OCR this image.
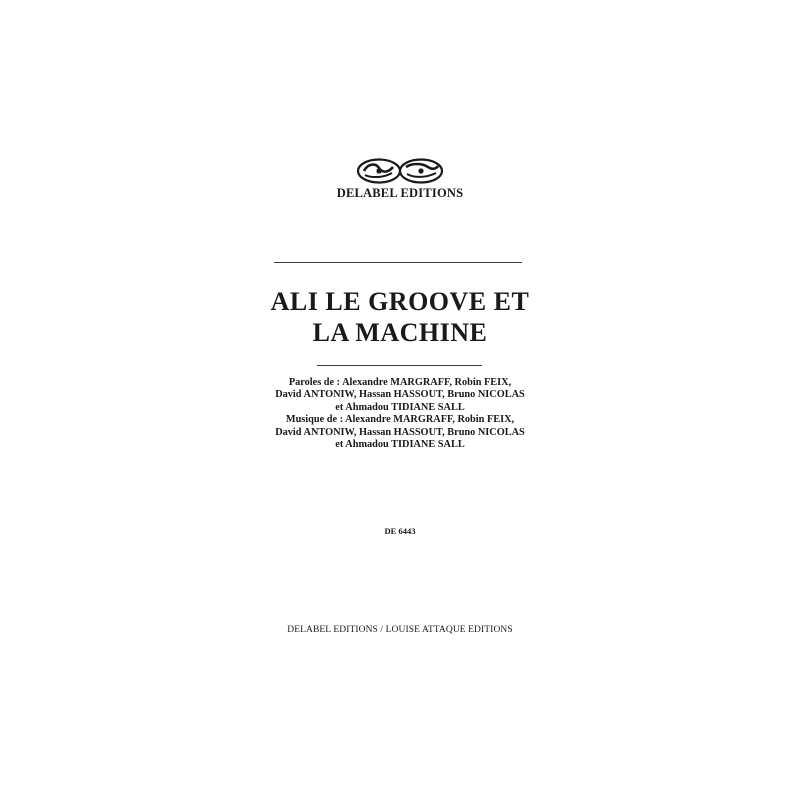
DELABEL EDITIONS
ALI LE GROOVE ET
LA MACHINE
Paroles de : Alexandre MARGRAFF, Robin FEIX,
David ANTONIW, Hassan HASSOUT, Bruno NICOLAS
et Ahmadou TIDIANE SALL
Musique de : Alexandre MARGRAFF, Robin FEIX,
David ANTONIW, Hassan HASSOUT, Bruno NICOLAS
et Ahmadou TIDIANE SALL
DE 6443
DELABEL EDITIONS / LOUISE ATTAQUE EDITIONS
